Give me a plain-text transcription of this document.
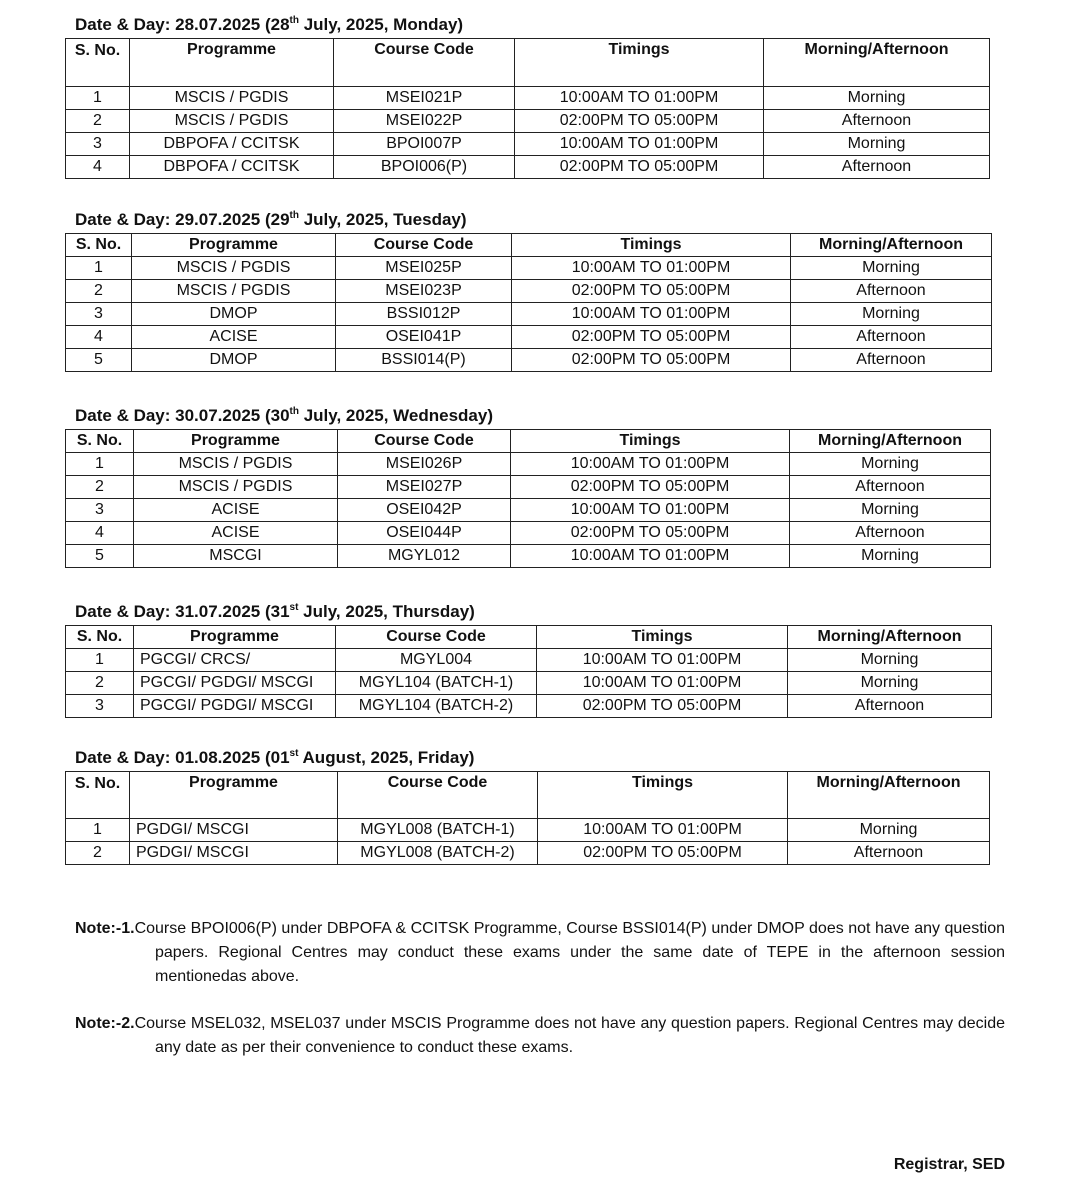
Date & Day: 28.07.2025 (28th July, 2025, Monday)
S. No.	Programme	Course Code	Timings	Morning/Afternoon
1	MSCIS / PGDIS	MSEI021P	10:00AM TO 01:00PM	Morning
2	MSCIS / PGDIS	MSEI022P	02:00PM TO 05:00PM	Afternoon
3	DBPOFA / CCITSK	BPOI007P	10:00AM TO 01:00PM	Morning
4	DBPOFA / CCITSK	BPOI006(P)	02:00PM TO 05:00PM	Afternoon
Date & Day: 29.07.2025 (29th July, 2025, Tuesday)
S. No.	Programme	Course Code	Timings	Morning/Afternoon
1	MSCIS / PGDIS	MSEI025P	10:00AM TO 01:00PM	Morning
2	MSCIS / PGDIS	MSEI023P	02:00PM TO 05:00PM	Afternoon
3	DMOP	BSSI012P	10:00AM TO 01:00PM	Morning
4	ACISE	OSEI041P	02:00PM TO 05:00PM	Afternoon
5	DMOP	BSSI014(P)	02:00PM TO 05:00PM	Afternoon
Date & Day: 30.07.2025 (30th July, 2025, Wednesday)
S. No.	Programme	Course Code	Timings	Morning/Afternoon
1	MSCIS / PGDIS	MSEI026P	10:00AM TO 01:00PM	Morning
2	MSCIS / PGDIS	MSEI027P	02:00PM TO 05:00PM	Afternoon
3	ACISE	OSEI042P	10:00AM TO 01:00PM	Morning
4	ACISE	OSEI044P	02:00PM TO 05:00PM	Afternoon
5	MSCGI	MGYL012	10:00AM TO 01:00PM	Morning
Date & Day: 31.07.2025 (31st July, 2025, Thursday)
S. No.	Programme	Course Code	Timings	Morning/Afternoon
1	PGCGI/ CRCS/	MGYL004	10:00AM TO 01:00PM	Morning
2	PGCGI/ PGDGI/ MSCGI	MGYL104 (BATCH-1)	10:00AM TO 01:00PM	Morning
3	PGCGI/ PGDGI/ MSCGI	MGYL104 (BATCH-2)	02:00PM TO 05:00PM	Afternoon
Date & Day: 01.08.2025 (01st August, 2025, Friday)
S. No.	Programme	Course Code	Timings	Morning/Afternoon
1	PGDGI/ MSCGI	MGYL008 (BATCH-1)	10:00AM TO 01:00PM	Morning
2	PGDGI/ MSCGI	MGYL008 (BATCH-2)	02:00PM TO 05:00PM	Afternoon
Note:-1.Course BPOI006(P) under DBPOFA & CCITSK Programme, Course BSSI014(P) under DMOP does not have any question papers. Regional Centres may conduct these exams under the same date of TEPE in the afternoon session mentionedas above.
Note:-2.Course MSEL032, MSEL037 under MSCIS Programme does not have any question papers. Regional Centres may decide any date as per their convenience to conduct these exams.
Registrar, SED
